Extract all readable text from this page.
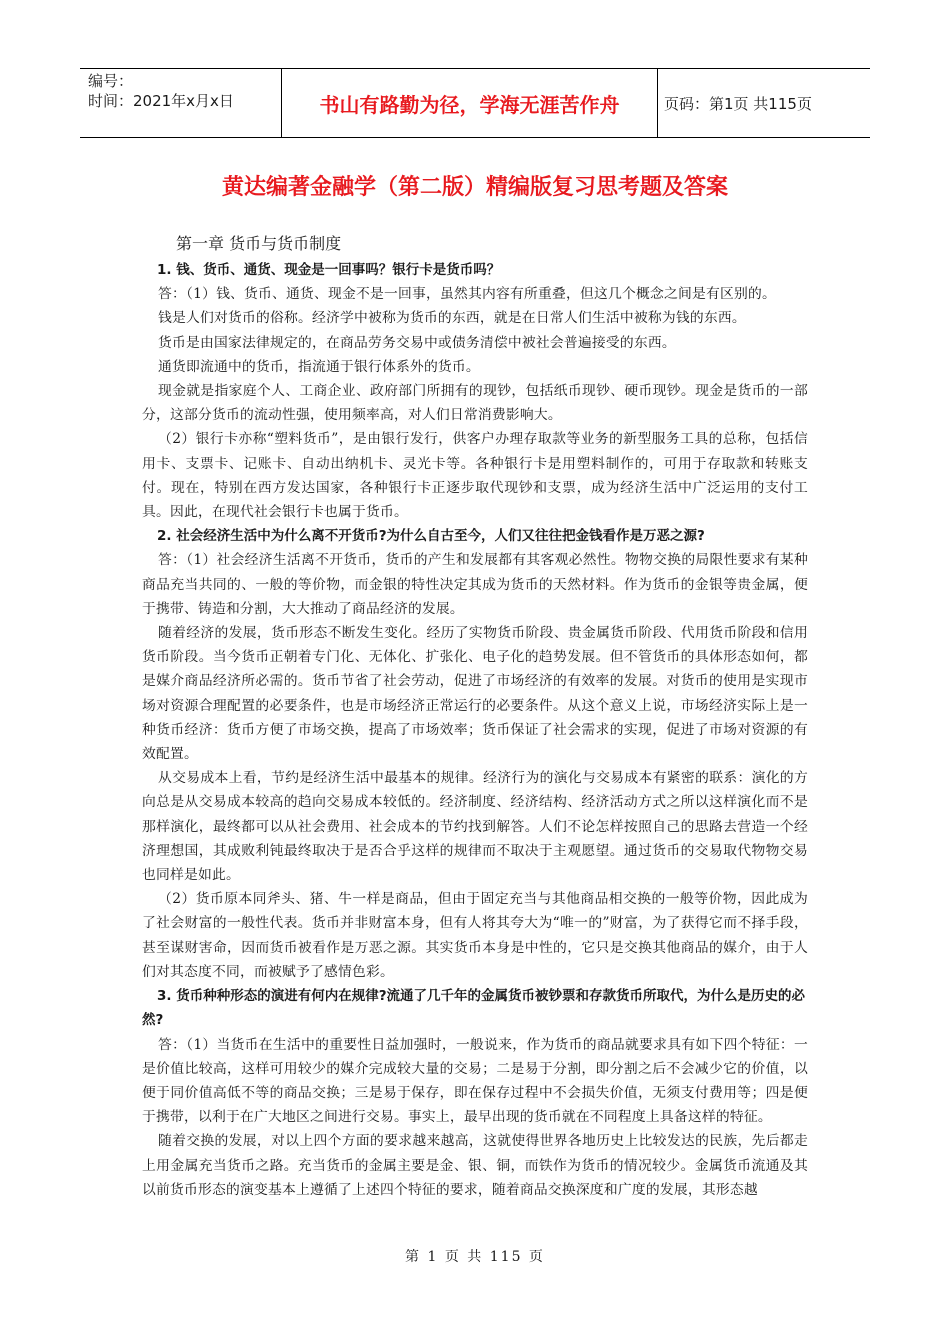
编号：
时间：2021年x月x日	书山有路勤为径，学海无涯苦作舟	页码：第1页 共115页
黄达编著金融学（第二版）精编版复习思考题及答案
第一章 货币与货币制度

1. 钱、货币、通货、现金是一回事吗？银行卡是货币吗？

答：（1）钱、货币、通货、现金不是一回事，虽然其内容有所重叠，但这几个概念之间是有区别的。

钱是人们对货币的俗称。经济学中被称为货币的东西，就是在日常人们生活中被称为钱的东西。

货币是由国家法律规定的，在商品劳务交易中或债务清偿中被社会普遍接受的东西。

通货即流通中的货币，指流通于银行体系外的货币。

现金就是指家庭个人、工商企业、政府部门所拥有的现钞，包括纸币现钞、硬币现钞。现金是货币的一部分，这部分货币的流动性强，使用频率高，对人们日常消费影响大。

（2）银行卡亦称“塑料货币”，是由银行发行，供客户办理存取款等业务的新型服务工具的总称，包括信用卡、支票卡、记账卡、自动出纳机卡、灵光卡等。各种银行卡是用塑料制作的，可用于存取款和转账支付。现在，特别在西方发达国家，各种银行卡正逐步取代现钞和支票，成为经济生活中广泛运用的支付工具。因此，在现代社会银行卡也属于货币。

2. 社会经济生活中为什么离不开货币?为什么自古至今，人们又往往把金钱看作是万恶之源?

答：（1）社会经济生活离不开货币，货币的产生和发展都有其客观必然性。物物交换的局限性要求有某种商品充当共同的、一般的等价物，而金银的特性决定其成为货币的天然材料。作为货币的金银等贵金属，便于携带、铸造和分割，大大推动了商品经济的发展。

随着经济的发展，货币形态不断发生变化。经历了实物货币阶段、贵金属货币阶段、代用货币阶段和信用货币阶段。当今货币正朝着专门化、无体化、扩张化、电子化的趋势发展。但不管货币的具体形态如何，都是媒介商品经济所必需的。货币节省了社会劳动，促进了市场经济的有效率的发展。对货币的使用是实现市场对资源合理配置的必要条件，也是市场经济正常运行的必要条件。从这个意义上说，市场经济实际上是一种货币经济：货币方便了市场交换，提高了市场效率；货币保证了社会需求的实现，促进了市场对资源的有效配置。

从交易成本上看，节约是经济生活中最基本的规律。经济行为的演化与交易成本有紧密的联系：演化的方向总是从交易成本较高的趋向交易成本较低的。经济制度、经济结构、经济活动方式之所以这样演化而不是那样演化，最终都可以从社会费用、社会成本的节约找到解答。人们不论怎样按照自己的思路去营造一个经济理想国，其成败利钝最终取决于是否合乎这样的规律而不取决于主观愿望。通过货币的交易取代物物交易也同样是如此。

（2）货币原本同斧头、猪、牛一样是商品，但由于固定充当与其他商品相交换的一般等价物，因此成为了社会财富的一般性代表。货币并非财富本身，但有人将其夸大为“唯一的”财富，为了获得它而不择手段，甚至谋财害命，因而货币被看作是万恶之源。其实货币本身是中性的，它只是交换其他商品的媒介，由于人们对其态度不同，而被赋予了感情色彩。

3. 货币种种形态的演进有何内在规律?流通了几千年的金属货币被钞票和存款货币所取代，为什么是历史的必然?

答：（1）当货币在生活中的重要性日益加强时，一般说来，作为货币的商品就要求具有如下四个特征：一是价值比较高，这样可用较少的媒介完成较大量的交易；二是易于分割，即分割之后不会减少它的价值，以便于同价值高低不等的商品交换；三是易于保存，即在保存过程中不会损失价值，无须支付费用等；四是便于携带，以利于在广大地区之间进行交易。事实上，最早出现的货币就在不同程度上具备这样的特征。

随着交换的发展，对以上四个方面的要求越来越高，这就使得世界各地历史上比较发达的民族，先后都走上用金属充当货币之路。充当货币的金属主要是金、银、铜，而铁作为货币的情况较少。金属货币流通及其以前货币形态的演变基本上遵循了上述四个特征的要求，随着商品交换深度和广度的发展，其形态越

第 1 页 共 115 页
